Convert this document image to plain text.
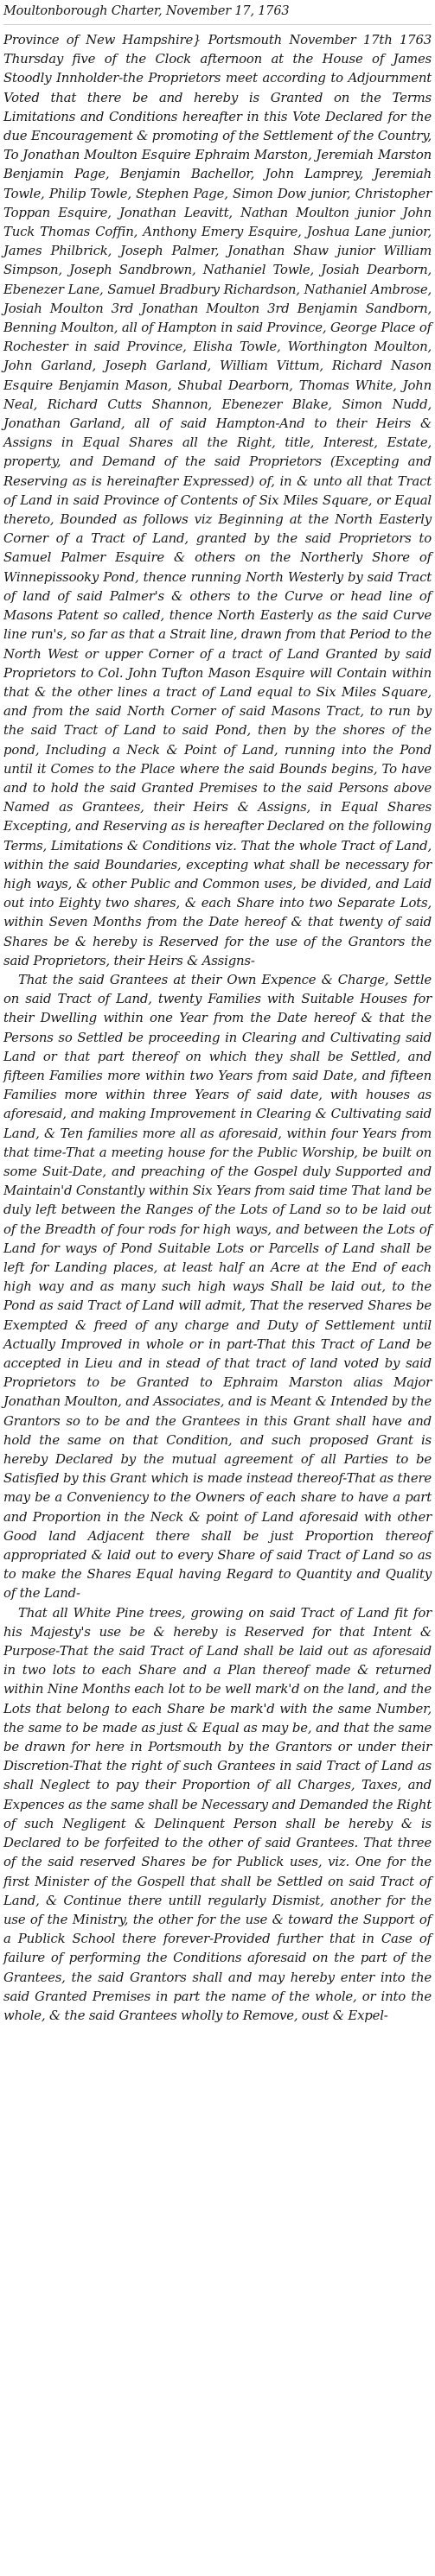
Moultonborough Charter, November 17, 1763

Province of New Hampshire} Portsmouth November 17th 1763 Thursday five of the Clock afternoon at the House of James Stoodly Innholder-the Proprietors meet according to Adjournment Voted that there be and hereby is Granted on the Terms Limitations and Conditions hereafter in this Vote Declared for the due Encouragement & promoting of the Settlement of the Country, To Jonathan Moulton Esquire Ephraim Marston, Jeremiah Marston Benjamin Page, Benjamin Bachellor, John Lamprey, Jeremiah Towle, Philip Towle, Stephen Page, Simon Dow junior, Christopher Toppan Esquire, Jonathan Leavitt, Nathan Moulton junior John Tuck Thomas Coffin, Anthony Emery Esquire, Joshua Lane junior, James Philbrick, Joseph Palmer, Jonathan Shaw junior William Simpson, Joseph Sandbrown, Nathaniel Towle, Josiah Dearborn, Ebenezer Lane, Samuel Bradbury Richardson, Nathaniel Ambrose, Josiah Moulton 3rd Jonathan Moulton 3rd Benjamin Sandborn, Benning Moulton, all of Hampton in said Province, George Place of Rochester in said Province, Elisha Towle, Worthington Moulton, John Garland, Joseph Garland, William Vittum, Richard Nason Esquire Benjamin Mason, Shubal Dearborn, Thomas White, John Neal, Richard Cutts Shannon, Ebenezer Blake, Simon Nudd, Jonathan Garland, all of said Hampton-And to their Heirs & Assigns in Equal Shares all the Right, title, Interest, Estate, property, and Demand of the said Proprietors (Excepting and Reserving as is hereinafter Expressed) of, in & unto all that Tract of Land in said Province of Contents of Six Miles Square, or Equal thereto, Bounded as follows viz Beginning at the North Easterly Corner of a Tract of Land, granted by the said Proprietors to Samuel Palmer Esquire & others on the Northerly Shore of Winnepissooky Pond, thence running North Westerly by said Tract of land of said Palmer's & others to the Curve or head line of Masons Patent so called, thence North Easterly as the said Curve line run's, so far as that a Strait line, drawn from that Period to the North West or upper Corner of a tract of Land Granted by said Proprietors to Col. John Tufton Mason Esquire will Contain within that & the other lines a tract of Land equal to Six Miles Square, and from the said North Corner of said Masons Tract, to run by the said Tract of Land to said Pond, then by the shores of the pond, Including a Neck & Point of Land, running into the Pond until it Comes to the Place where the said Bounds begins, To have and to hold the said Granted Premises to the said Persons above Named as Grantees, their Heirs & Assigns, in Equal Shares Excepting, and Reserving as is hereafter Declared on the following Terms, Limitations & Conditions viz. That the whole Tract of Land, within the said Boundaries, excepting what shall be necessary for high ways, & other Public and Common uses, be divided, and Laid out into Eighty two shares, & each Share into two Separate Lots, within Seven Months from the Date hereof & that twenty of said Shares be & hereby is Reserved for the use of the Grantors the said Proprietors, their Heirs & Assigns-

That the said Grantees at their Own Expence & Charge, Settle on said Tract of Land, twenty Families with Suitable Houses for their Dwelling within one Year from the Date hereof & that the Persons so Settled be proceeding in Clearing and Cultivating said Land or that part thereof on which they shall be Settled, and fifteen Families more within two Years from said Date, and fifteen Families more within three Years of said date, with houses as aforesaid, and making Improvement in Clearing & Cultivating said Land, & Ten families more all as aforesaid, within four Years from that time-That a meeting house for the Public Worship, be built on some Suit-Date, and preaching of the Gospel duly Supported and Maintain'd Constantly within Six Years from said time That land be duly left between the Ranges of the Lots of Land so to be laid out of the Breadth of four rods for high ways, and between the Lots of Land for ways of Pond Suitable Lots or Parcells of Land shall be left for Landing places, at least half an Acre at the End of each high way and as many such high ways Shall be laid out, to the Pond as said Tract of Land will admit, That the reserved Shares be Exempted & freed of any charge and Duty of Settlement until Actually Improved in whole or in part-That this Tract of Land be accepted in Lieu and in stead of that tract of land voted by said Proprietors to be Granted to Ephraim Marston alias Major Jonathan Moulton, and Associates, and is Meant & Intended by the Grantors so to be and the Grantees in this Grant shall have and hold the same on that Condition, and such proposed Grant is hereby Declared by the mutual agreement of all Parties to be Satisfied by this Grant which is made instead thereof-That as there may be a Conveniency to the Owners of each share to have a part and Proportion in the Neck & point of Land aforesaid with other Good land Adjacent there shall be just Proportion thereof appropriated & laid out to every Share of said Tract of Land so as to make the Shares Equal having Regard to Quantity and Quality of the Land-

That all White Pine trees, growing on said Tract of Land fit for his Majesty's use be & hereby is Reserved for that Intent & Purpose-That the said Tract of Land shall be laid out as aforesaid in two lots to each Share and a Plan thereof made & returned within Nine Months each lot to be well mark'd on the land, and the Lots that belong to each Share be mark'd with the same Number, the same to be made as just & Equal as may be, and that the same be drawn for here in Portsmouth by the Grantors or under their Discretion-That the right of such Grantees in said Tract of Land as shall Neglect to pay their Proportion of all Charges, Taxes, and Expences as the same shall be Necessary and Demanded the Right of such Negligent & Delinquent Person shall be hereby & is Declared to be forfeited to the other of said Grantees. That three of the said reserved Shares be for Publick uses, viz. One for the first Minister of the Gospell that shall be Settled on said Tract of Land, & Continue there untill regularly Dismist, another for the use of the Ministry, the other for the use & toward the Support of a Publick School there forever-Provided further that in Case of failure of performing the Conditions aforesaid on the part of the Grantees, the said Grantors shall and may hereby enter into the said Granted Premises in part the name of the whole, or into the whole, & the said Grantees wholly to Remove, oust & Expel-
